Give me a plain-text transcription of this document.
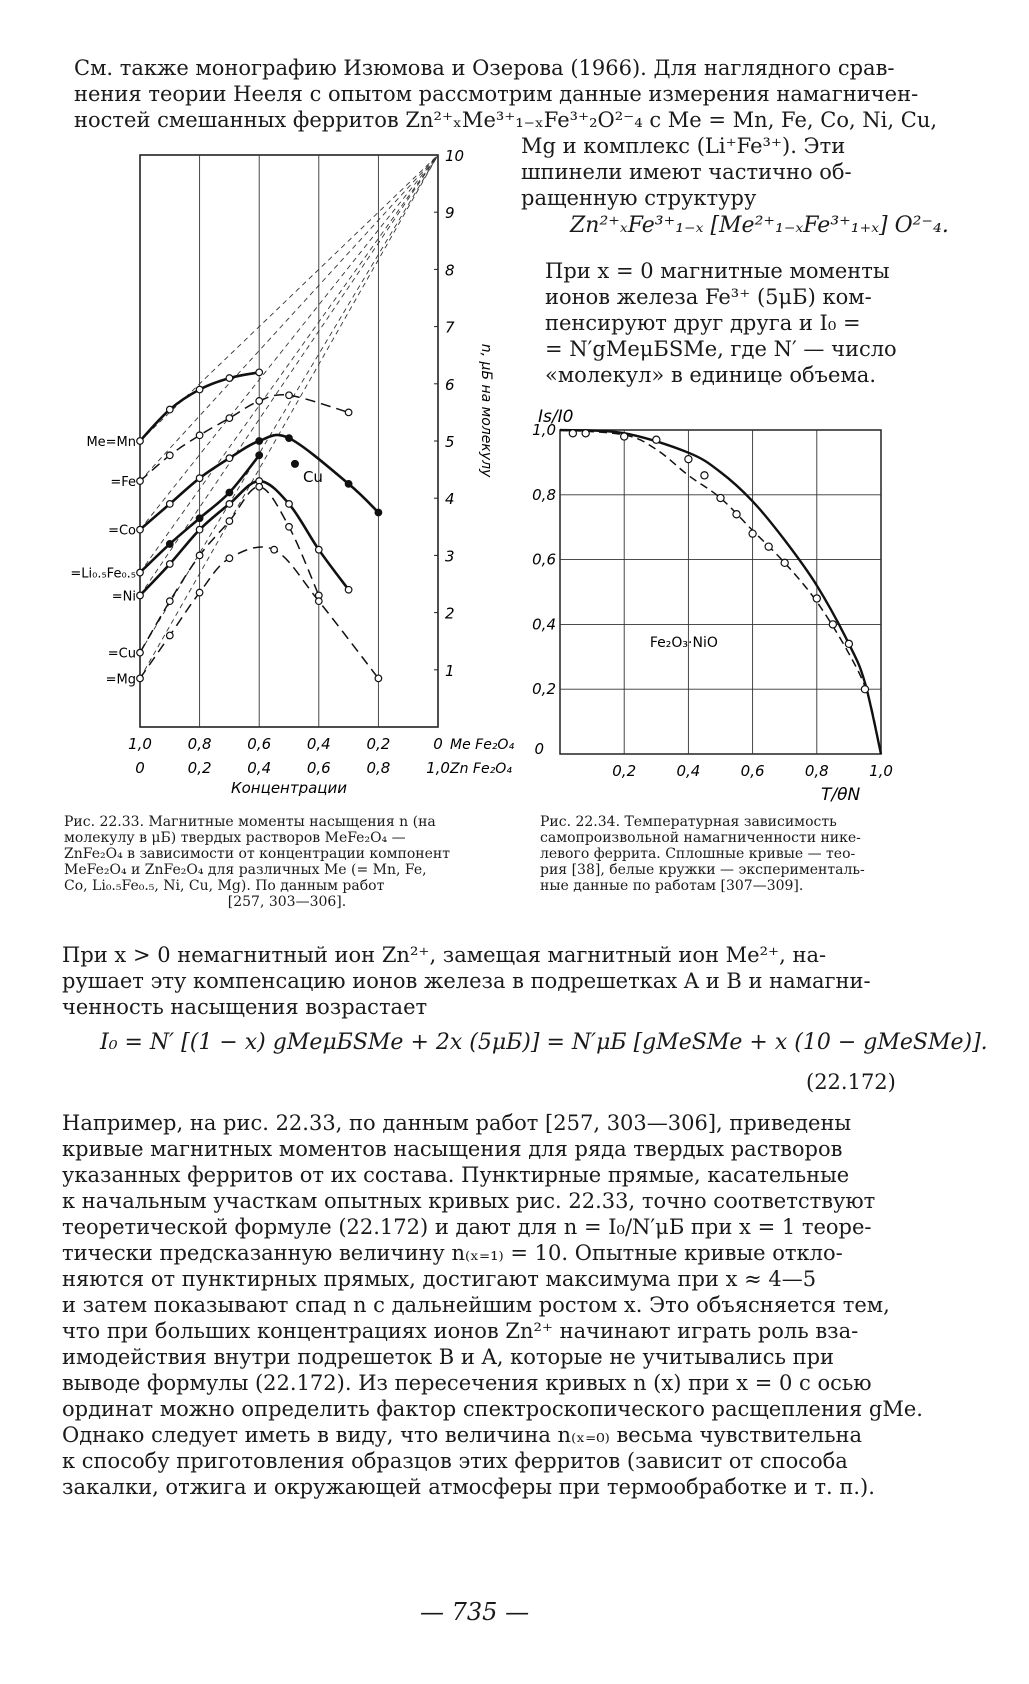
См. также монографию Изюмова и Озерова (1966). Для наглядного срав-
нения теории Нееля с опытом рассмотрим данные измерения намагничен-
ностей смешанных ферритов Zn²⁺ₓMe³⁺₁₋ₓFe³⁺₂O²⁻₄ с Me = Mn, Fe, Co, Ni, Cu,
Mg и комплекс (Li⁺Fe³⁺). Эти
шпинели имеют частично об-
ращенную структуру
Zn²⁺ₓFe³⁺₁₋ₓ [Me²⁺₁₋ₓFe³⁺₁₊ₓ] O²⁻₄.
При x = 0 магнитные моменты
ионов железа Fe³⁺ (5μБ) ком-
пенсируют друг друга и I₀ =
= N′gMeμБSMe, где N′ — число
«молекул» в единице объема.
Cu
Me=Mn
=Fe
=Co
=Li₀.₅Fe₀.₅
=Ni
=Cu
=Mg
1
2
3
4
5
6
7
8
9
10
n, μБ на молекулу
1,0 0,8 0,6 0,4 0,2	0 Me Fe₂O₄
0	0,2 0,4 0,6 0,8 1,0 Zn Fe₂O₄
Концентрации
0,2
0,4
0,6
0,8
1,0
0
0,2	0,4	0,6	0,8	1,0
Is/I0
T/θN
Fe₂O₃·NiO
Рис. 22.33. Магнитные моменты насыщения n (на
молекулу в μБ) твердых растворов MeFe₂O₄ —
ZnFe₂O₄ в зависимости от концентрации компонент
MeFe₂O₄ и ZnFe₂O₄ для различных Me (= Mn, Fe,
Co, Li₀.₅Fe₀.₅, Ni, Cu, Mg). По данным работ
[257, 303—306].
Рис. 22.34. Температурная зависимость
самопроизвольной намагниченности нике-
левого феррита. Сплошные кривые — тео-
рия [38], белые кружки — эксперименталь-
ные данные по работам [307—309].
При x > 0 немагнитный ион Zn²⁺, замещая магнитный ион Me²⁺, на-
рушает эту компенсацию ионов железа в подрешетках A и B и намагни-
ченность насыщения возрастает
I₀ = N′ [(1 − x) gMeμБSMe + 2x (5μБ)] = N′μБ [gMeSMe + x (10 − gMeSMe)].
(22.172)
Например, на рис. 22.33, по данным работ [257, 303—306], приведены
кривые магнитных моментов насыщения для ряда твердых растворов
указанных ферритов от их состава. Пунктирные прямые, касательные
к начальным участкам опытных кривых рис. 22.33, точно соответствуют
теоретической формуле (22.172) и дают для n = I₀/N′μБ при x = 1 теоре-
тически предсказанную величину n₍ₓ₌₁₎ = 10. Опытные кривые откло-
няются от пунктирных прямых, достигают максимума при x ≈ 4—5
и затем показывают спад n с дальнейшим ростом x. Это объясняется тем,
что при больших концентрациях ионов Zn²⁺ начинают играть роль вза-
имодействия внутри подрешеток B и A, которые не учитывались при
выводе формулы (22.172). Из пересечения кривых n (x) при x = 0 с осью
ординат можно определить фактор спектроскопического расщепления gMe.
Однако следует иметь в виду, что величина n₍ₓ₌₀₎ весьма чувствительна
к способу приготовления образцов этих ферритов (зависит от способа
закалки, отжига и окружающей атмосферы при термообработке и т. п.).
— 735 —
